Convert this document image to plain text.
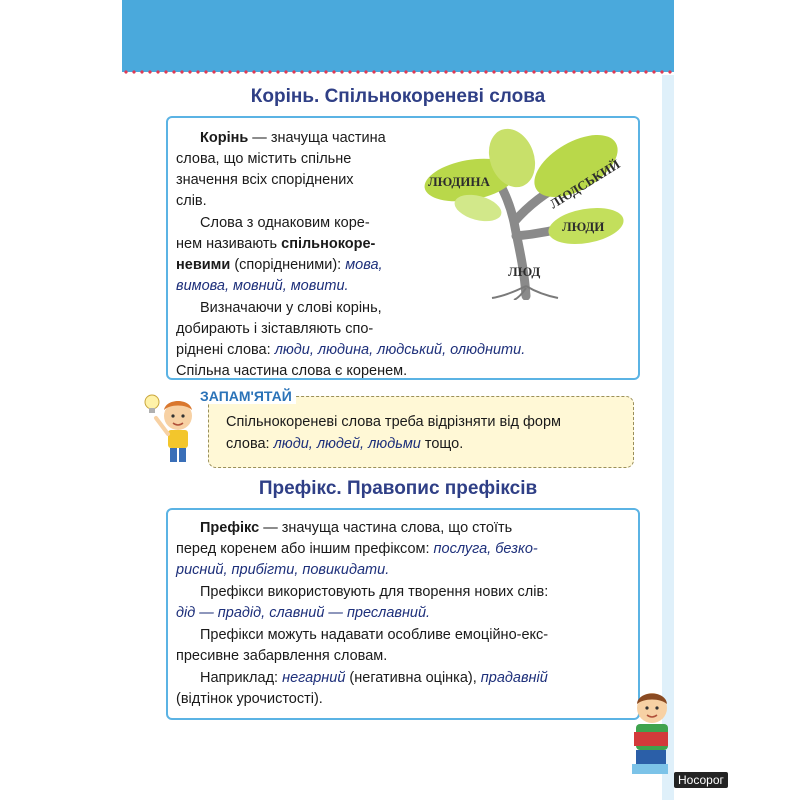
Корінь. Спільнокореневі слова
Корінь — значуща частина
слова, що містить спільне
значення всіх споріднених
слів.
Слова з однаковим коре-
нем називають спільнокоре-
невими (спорідненими): мова,
вимова, мовний, мовити.
Визначаючи у слові корінь,
добирають і зіставляють спо-
ріднені слова: люди, людина, людський, олюднити.
Спільна частина слова є коренем.
ЛЮДИНА	ЛЮДСЬКИЙ
ЛЮДИ
ЛЮД
ЗАПАМ'ЯТАЙ
Спільнокореневі слова треба відрізняти від форм
слова: люди, людей, людьми тощо.
Префікс. Правопис префіксів
Префікс — значуща частина слова, що стоїть
перед коренем або іншим префіксом: послуга, безко-
рисний, прибігти, повикидати.
Префікси використовують для творення нових слів:
дід — прадід, славний — преславний.
Префікси можуть надавати особливе емоційно-екс-
пресивне забарвлення словам.
Наприклад: негарний (негативна оцінка), прадавній
(відтінок урочистості).
Носорог
